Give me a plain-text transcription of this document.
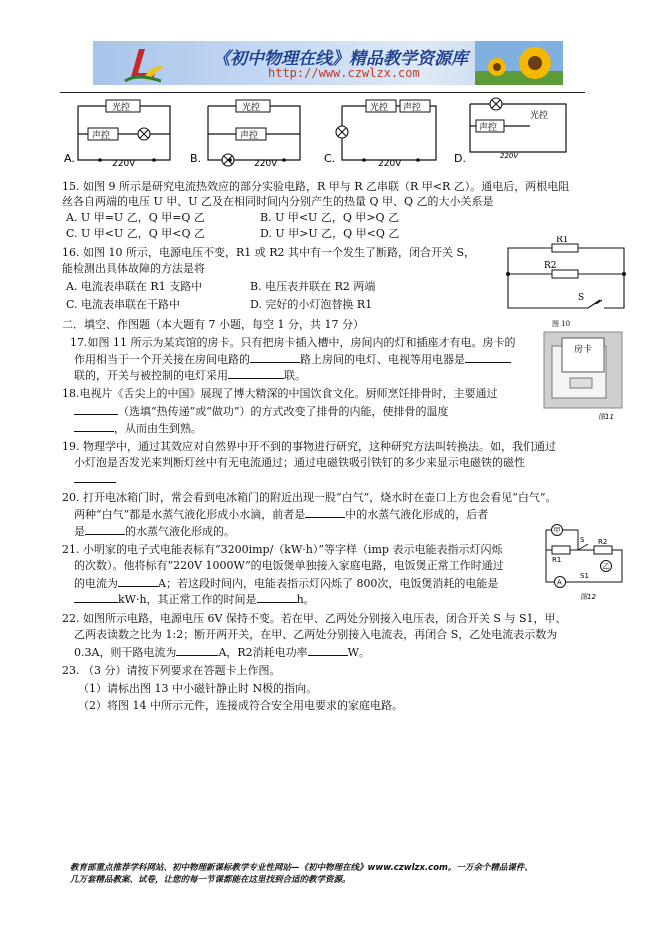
《初中物理在线》精品教学资源库
http://www.czwlzx.com
A.	B.	C.	D.
光控
声控
220V
光控
声控
220V
光控 声控
220V
光控
声控
220V
15. 如图 9 所示是研究电流热效应的部分实验电路，R 甲与 R 乙串联（R 甲<R 乙）。通电后，两根电阻
丝各自两端的电压 U 甲、U 乙及在相同时间内分别产生的热量 Q 甲、Q 乙的大小关系是
A. U 甲=U 乙，Q 甲=Q 乙	B. U 甲<U 乙，Q 甲>Q 乙
C. U 甲<U 乙，Q 甲<Q 乙	D. U 甲>U 乙，Q 甲<Q 乙
16. 如图 10 所示，电源电压不变，R1 或 R2 其中有一个发生了断路，闭合开关 S，
能检测出具体故障的方法是将
A. 电流表串联在 R1 支路中	B. 电压表并联在 R2 两端
C. 电流表串联在干路中	D. 完好的小灯泡替换 R1
R1
R2
S
图 10
二．填空、作图题（本大题有 7 小题，每空 1 分，共 17 分）
17.如图 11 所示为某宾馆的房卡。只有把房卡插入槽中，房间内的灯和插座才有电。房卡的
作用相当于一个开关接在房间电路的	路上房间的电灯、电视等用电器是
联的，开关与被控制的电灯采用	联。
房卡
图11
18.电视片《舌尖上的中国》展现了博大精深的中国饮食文化。厨师烹饪排骨时，主要通过
（选填“热传递”或“做功”）的方式改变了排骨的内能，使排骨的温度
，从而由生到熟。
19. 物理学中，通过其效应对自然界中开不到的事物进行研究，这种研究方法叫转换法。如，我们通过
小灯泡是否发光来判断灯丝中有无电流通过；通过电磁铁吸引铁钉的多少来显示电磁铁的磁性
20. 打开电冰箱门时，常会看到电冰箱门的附近出现一股“白气”，烧水时在壶口上方也会看见“白气”。
两种“白气”都是水蒸气液化形成小水滴，前者是	中的水蒸气液化形成的，后者
是	的水蒸气液化形成的。
21. 小明家的电子式电能表标有“3200imp/（kW·h）”等字样（imp 表示电能表指示灯闪烁
的次数）。他将标有“220V 1000W”的电饭煲单独接入家庭电路，电饭煲正常工作时通过
的电流为	A；若这段时间内，电能表指示灯闪烁了 800次，电饭煲消耗的电能是
kW·h，其正常工作的时间是	h。
甲
乙
A
R1
R2
S
S1
图12
22. 如图所示电路，电源电压 6V 保持不变。若在甲、乙两处分别接入电压表，闭合开关 S 与 S1，甲、
乙两表读数之比为 1:2；断开两开关，在甲、乙两处分别接入电流表，再闭合 S，乙处电流表示数为
0.3A，则干路电流为	A，R2消耗电功率	W。
23. （3 分）请按下列要求在答题卡上作图。
（1）请标出图 13 中小磁针静止时 N极的指向。
（2）将图 14 中所示元件，连接成符合安全用电要求的家庭电路。
教育部重点推荐学科网站、初中物理新课标教学专业性网站—《初中物理在线》www.czwlzx.com。一万余个精品课件、
几万套精品教案、试卷，让您的每一节课都能在这里找到合适的教学资源。
